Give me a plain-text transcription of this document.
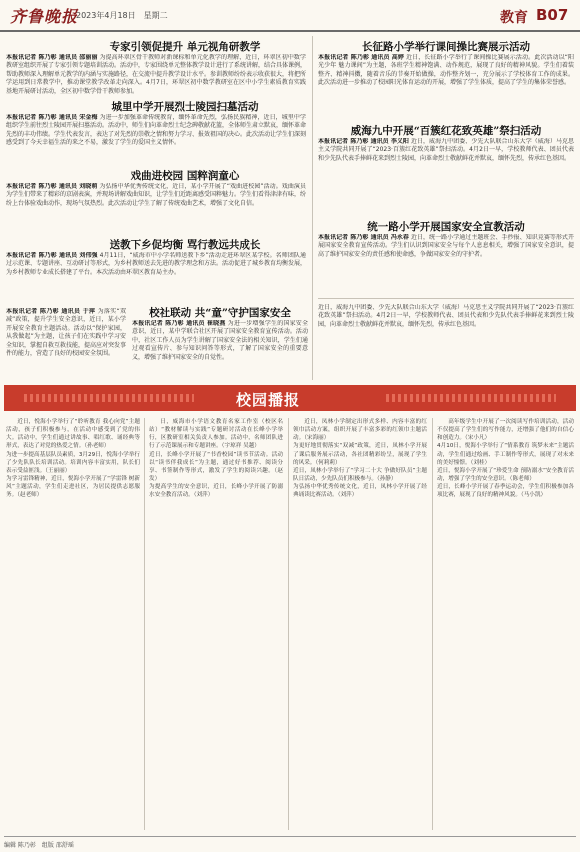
齐鲁晚报
2023年4月18日　星期二	教育 B07
专家引领促提升 单元视角研教学
本报讯记者 陈乃彰 通讯员 邵丽丽 为提高环翠区骨干教师对新课标和单元化教学的理解，近日，环翠区初中数学教研室组织开展了专家引领专题培训活动。活动中，专家围绕单元整体教学设计进行了系统讲解，结合具体课例，帮助教师深入理解单元教学的内涵与实施路径，在交流中提升教学设计水平。参训教师纷纷表示收获很大，将把所学运用到日常教学中，推动课堂教学改革走向深入。4月7日，环翠区初中数学教研室在区中小学生素质教育实践基地开展研讨活动，全区初中数学骨干教师参加。
城里中学开展烈士陵园扫墓活动
本报讯记者 陈乃彰 通讯员 宋金梅 为进一步加强革命传统教育，缅怀革命先烈，弘扬民族精神，近日，城里中学组织学生前往烈士陵园开展扫墓活动。活动中，师生们向革命烈士纪念碑敬献花篮，全体师生肃立默哀，缅怀革命先烈的丰功伟绩。学生代表发言，表达了对先烈的崇敬之情和努力学习、报效祖国的决心。此次活动让学生们深刻感受到了今天幸福生活的来之不易，激发了学生的爱国主义情怀。
戏曲进校园 国粹润童心
本报讯记者 陈乃彰 通讯员 刘晓萌 为弘扬中华优秀传统文化，近日，某小学开展了“戏曲进校园”活动。戏曲演员为学生们带来了精彩的京剧表演，并现场讲解戏曲知识，让学生们近距离感受国粹魅力。学生们看得津津有味，纷纷上台体验戏曲动作，现场气氛热烈。此次活动让学生了解了传统戏曲艺术，增强了文化自信。
送教下乡促均衡 骂行教远共成长
本报讯记者 陈乃彰 通讯员 刘伟强 4月11日，“威海市中小学名师送教下乡”活动走进环翠区某学校。名师团队通过示范课、专题讲座、互动研讨等形式，为乡村教师送去先进的教学理念和方法。活动促进了城乡教育均衡发展，为乡村教师专业成长搭建了平台。本次活动由环翠区教育局主办。
本报讯记者 陈乃彰 通讯员 于萍 为落实“双减”政策，提升学生安全意识，近日，某小学开展安全教育主题活动。活动以“保护家园，从我做起”为主题，让孩子们在实践中学习安全知识，掌握自救互救技能，提高应对突发事件的能力，营造了良好的校园安全氛围。
校社联动 共“童”守护国家安全
本报讯记者 陈乃彰 通讯员 崔晓燕 为进一步增强学生的国家安全意识，近日，某中学联合社区开展了国家安全教育宣传活动。活动中，社区工作人员为学生讲解了国家安全法的相关知识，学生们通过观看宣传片、参与知识问答等形式，了解了国家安全的重要意义，增强了维护国家安全的自觉性。
长征路小学举行课间操比赛展示活动
本报讯记者 陈乃彰 通讯员 高婷 近日，长征路小学举行了课间操比赛展示活动。此次活动以“阳光少年 魅力课间”为主题，各班学生精神饱满、动作规范，展现了良好的精神风貌。学生们着装整齐、精神抖擞，随着音乐的节奏开始做操，动作整齐划一，充分展示了学校体育工作的成果。此次活动进一步推动了校园阳光体育运动的开展，增强了学生体质，提高了学生的集体荣誉感。
威海九中开展“百簇红花致英雄”祭扫活动
本报讯记者 陈乃彰 通讯员 李义阳 近日，威海九中团委、少先大队联合山东大学（威海）马克思主义学院共同开展了“2023·百簇红花致英雄”祭扫活动。4月2日一早，学校教师代表、团员代表和少先队代表手捧鲜花来到烈士陵园，向革命烈士敬献鲜花并默哀，缅怀先烈，传承红色基因。
统一路小学开展国家安全宣教活动
本报讯记者 陈乃彰 通讯员 冯永春 近日，统一路小学通过主题班会、手抄报、知识竞赛等形式开展国家安全教育宣传活动。学生们认识到国家安全与每个人息息相关，增强了国家安全意识，提高了维护国家安全的责任感和使命感，争做国家安全的守护者。
近日，威海九中团委、少先大队联合山东大学（威海）马克思主义学院共同开展了“2023·百簇红花致英雄”祭扫活动。4月2日一早，学校教师代表、团员代表和少先队代表手捧鲜花来到烈士陵园，向革命烈士敬献鲜花并默哀，缅怀先烈，传承红色基因。
校园播报

近日，悦海小学举行了“聆听教育 我心向党”主题活动，孩子们积极参与，在活动中感受到了党的伟大。活动中，学生们通过讲故事、唱红歌、诵经典等形式，表达了对党的热爱之情。（孙老师）
为进一步提高基层队员素质，3月29日，悦海小学举行了少先队队长培训活动。培训内容丰富实用，队长们表示受益匪浅。（王丽丽）
为学习雷锋精神，近日，悦海小学开展了“学雷锋 树新风”主题活动，学生们走进社区，为居民提供志愿服务。（赵老师）

日，威海市小学语文教育名家工作室（校区名站）“教材解读与实践”专题研讨活动在长峰小学举行，区教研室相关负责人参加。活动中，名师团队进行了示范课展示和专题讲座。（宇琼祥 吴越）
近日，长峰小学开展了“书香校园”读书节活动。活动以“读书伴我成长”为主题，通过好书推荐、阅读分享、书签制作等形式，激发了学生的阅读兴趣。（赵发）
为提高学生的安全意识，近日，长峰小学开展了防溺水安全教育活动。（刘萍）

近日，凤林小学制定出形式多样、内容丰富的红领巾活动方案，组织开展了丰富多彩的红领巾主题活动。（宋海丽）
为更好地贯彻落实“双减”政策，近日，凤林小学开展了课后服务展示活动，各社团精彩纷呈，展现了学生的风采。（何莉莉）
近日，凤林小学举行了“学习二十大 争做好队员”主题队日活动，少先队员们积极参与。（孙静）
为弘扬中华优秀传统文化，近日，凤林小学开展了经典诵读比赛活动。（刘萍）

高年级学生中开展了一次阅读写作培训活动，活动不仅提高了学生们的写作能力，还增强了他们的自信心和创造力。（宋小凡）
4月10日，悦海小学举行了“情系教育 筑梦未来”主题活动，学生们通过绘画、手工制作等形式，展现了对未来的美好憧憬。（刘桂）
近日，悦海小学开展了“珍爱生命 预防溺水”安全教育活动，增强了学生的安全意识。（陈老师）
近日，长峰小学开展了春季运动会，学生们积极参加各项比赛，展现了良好的精神风貌。（马小凯）

编辑 陈乃彰　组版 邵舒瑶
